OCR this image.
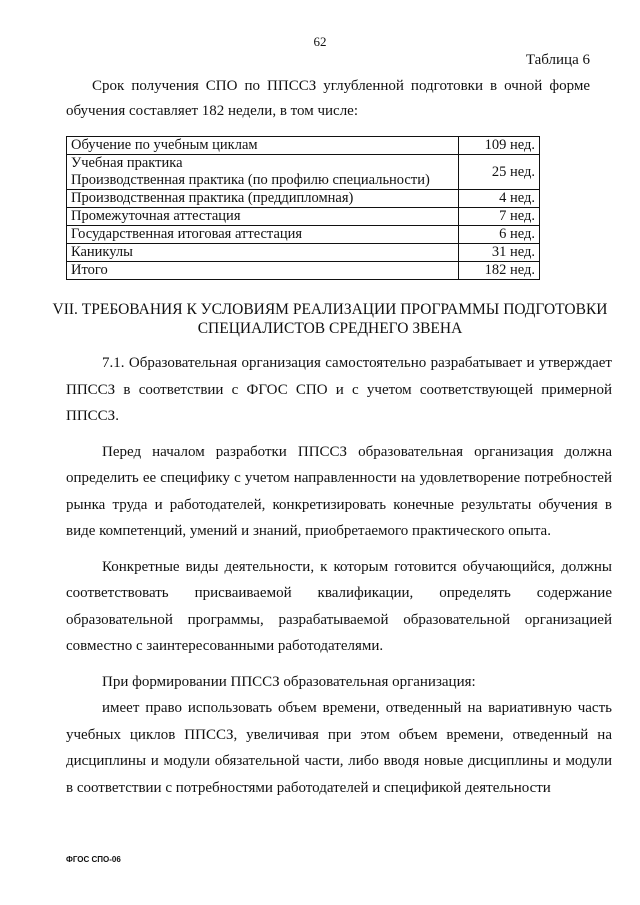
62
Таблица 6
Срок получения СПО по ППССЗ углубленной подготовки в очной форме обучения составляет 182 недели, в том числе:
Обучение по учебным циклам	109 нед.

Учебная практика
Производственная практика (по профилю специальности)	25 нед.
Производственная практика (преддипломная)	4 нед.
Промежуточная аттестация	7 нед.
Государственная итоговая аттестация	6 нед.
Каникулы	31 нед.
Итого	182 нед.
VII. ТРЕБОВАНИЯ К УСЛОВИЯМ РЕАЛИЗАЦИИ ПРОГРАММЫ ПОДГОТОВКИ СПЕЦИАЛИСТОВ СРЕДНЕГО ЗВЕНА

7.1. Образовательная организация самостоятельно разрабатывает и утверждает ППССЗ в соответствии с ФГОС СПО и с учетом соответствующей примерной ППССЗ.

Перед началом разработки ППССЗ образовательная организация должна определить ее специфику с учетом направленности на удовлетворение потребностей рынка труда и работодателей, конкретизировать конечные результаты обучения в виде компетенций, умений и знаний, приобретаемого практического опыта.

Конкретные виды деятельности, к которым готовится обучающийся, должны соответствовать присваиваемой квалификации, определять содержание образовательной программы, разрабатываемой образовательной организацией совместно с заинтересованными работодателями.

При формировании ППССЗ образовательная организация:

имеет право использовать объем времени, отведенный на вариативную часть учебных циклов ППССЗ, увеличивая при этом объем времени, отведенный на дисциплины и модули обязательной части, либо вводя новые дисциплины и модули в соответствии с потребностями работодателей и спецификой деятельности

ФГОС СПО-06
